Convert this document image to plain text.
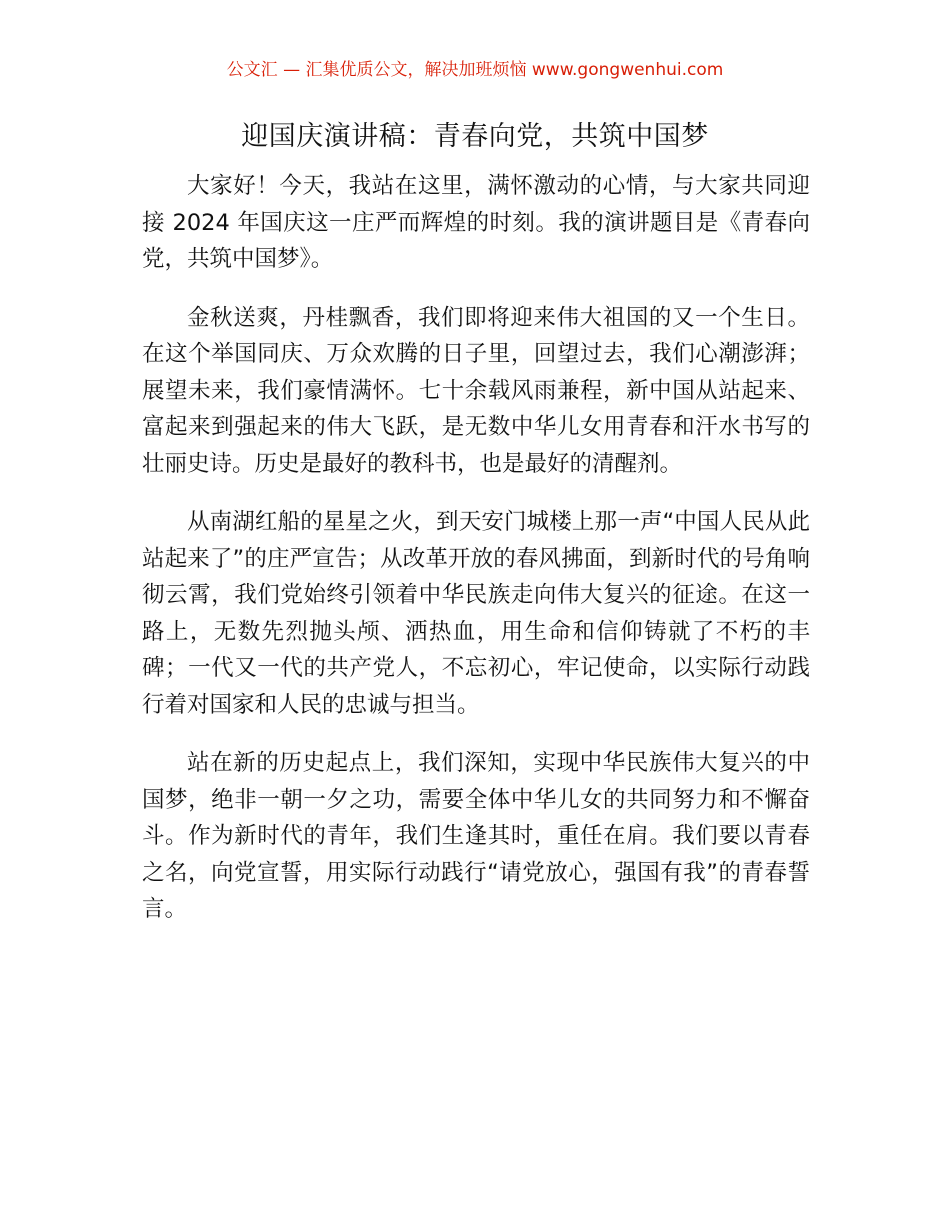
公文汇 — 汇集优质公文，解决加班烦恼 www.gongwenhui.com
迎国庆演讲稿：青春向党，共筑中国梦

大家好！今天，我站在这里，满怀激动的心情，与大家共同迎接 2024 年国庆这一庄严而辉煌的时刻。我的演讲题目是《青春向党，共筑中国梦》。

金秋送爽，丹桂飘香，我们即将迎来伟大祖国的又一个生日。在这个举国同庆、万众欢腾的日子里，回望过去，我们心潮澎湃；展望未来，我们豪情满怀。七十余载风雨兼程，新中国从站起来、富起来到强起来的伟大飞跃，是无数中华儿女用青春和汗水书写的壮丽史诗。历史是最好的教科书，也是最好的清醒剂。

从南湖红船的星星之火，到天安门城楼上那一声“中国人民从此站起来了”的庄严宣告；从改革开放的春风拂面，到新时代的号角响彻云霄，我们党始终引领着中华民族走向伟大复兴的征途。在这一路上，无数先烈抛头颅、洒热血，用生命和信仰铸就了不朽的丰碑；一代又一代的共产党人，不忘初心，牢记使命，以实际行动践行着对国家和人民的忠诚与担当。

站在新的历史起点上，我们深知，实现中华民族伟大复兴的中国梦，绝非一朝一夕之功，需要全体中华儿女的共同努力和不懈奋斗。作为新时代的青年，我们生逢其时，重任在肩。我们要以青春之名，向党宣誓，用实际行动践行“请党放心，强国有我”的青春誓言。
